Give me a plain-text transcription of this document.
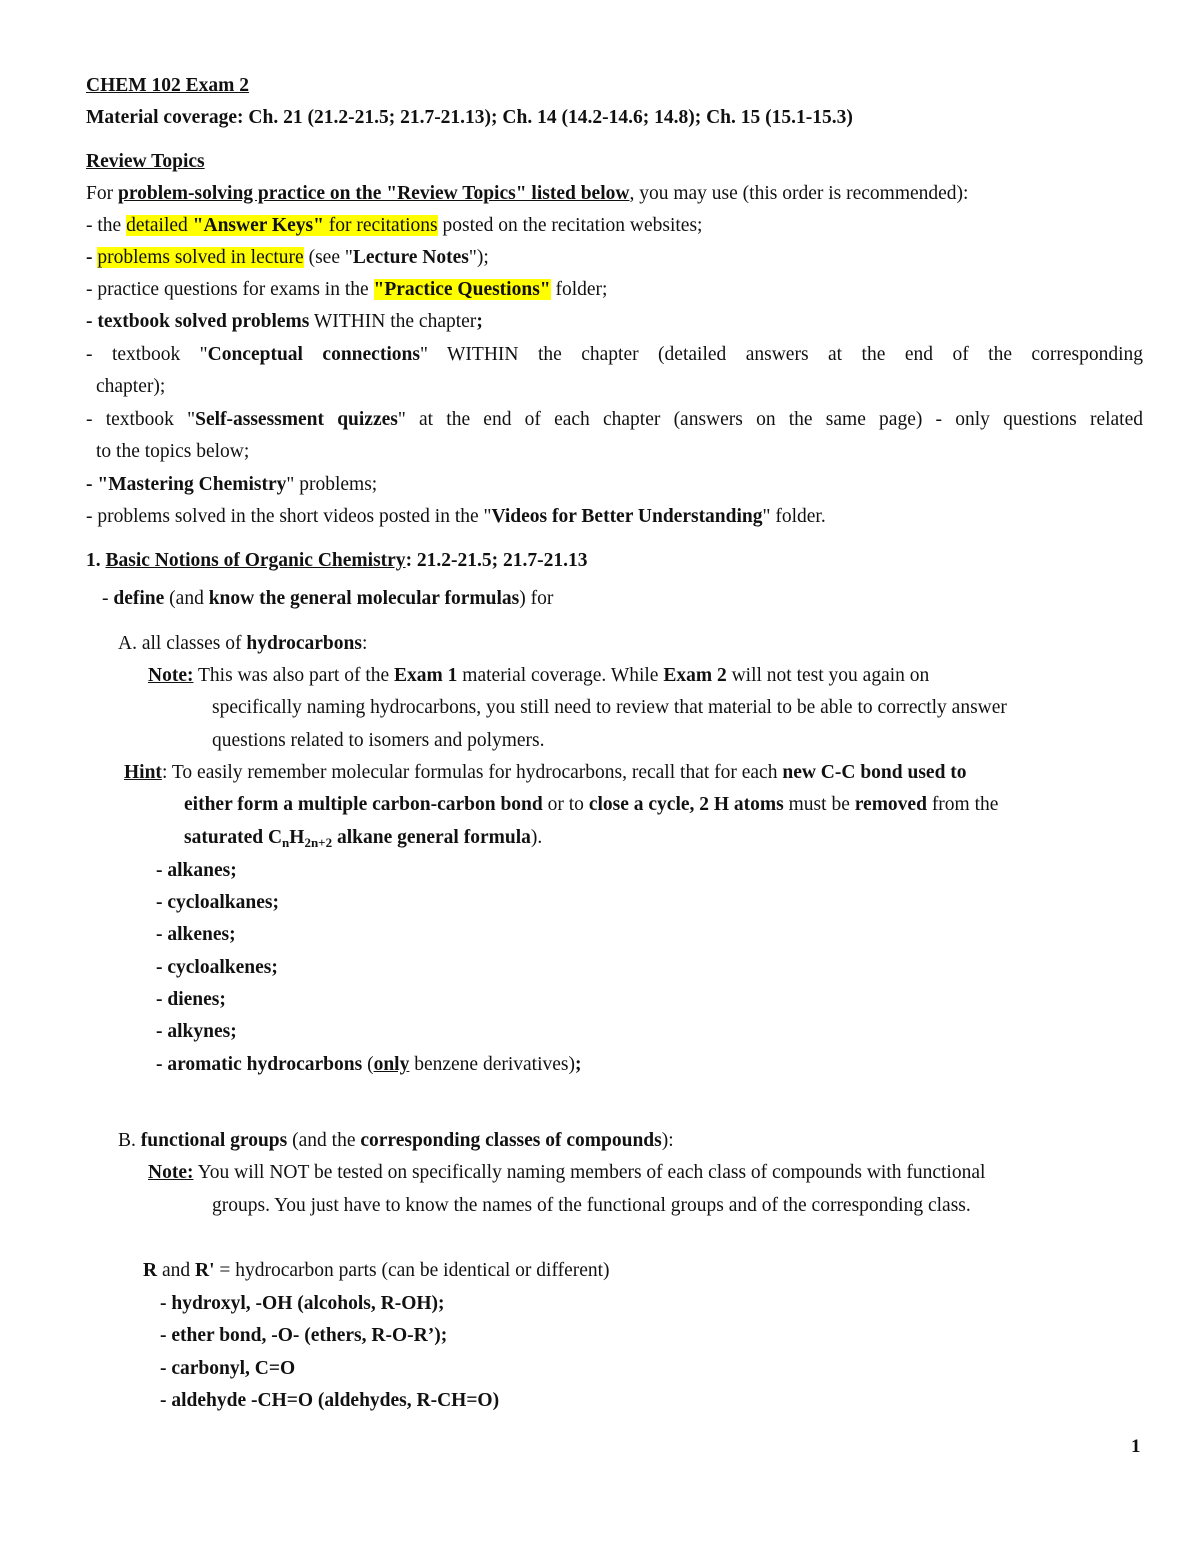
CHEM 102 Exam 2
Material coverage: Ch. 21 (21.2-21.5; 21.7-21.13); Ch. 14 (14.2-14.6; 14.8); Ch. 15 (15.1-15.3)
Review Topics
For problem-solving practice on the "Review Topics" listed below, you may use (this order is recommended):
- the detailed "Answer Keys" for recitations posted on the recitation websites;
- problems solved in lecture (see "Lecture Notes");
- practice questions for exams in the "Practice Questions" folder;
- textbook solved problems WITHIN the chapter;
- textbook "Conceptual connections" WITHIN the chapter (detailed answers at the end of the corresponding
chapter);
- textbook "Self-assessment quizzes" at the end of each chapter (answers on the same page) - only questions related
to the topics below;
- "Mastering Chemistry" problems;
- problems solved in the short videos posted in the "Videos for Better Understanding" folder.
1. Basic Notions of Organic Chemistry: 21.2-21.5; 21.7-21.13
- define (and know the general molecular formulas) for
A. all classes of hydrocarbons:
Note: This was also part of the Exam 1 material coverage. While Exam 2 will not test you again on
specifically naming hydrocarbons, you still need to review that material to be able to correctly answer
questions related to isomers and polymers.
Hint: To easily remember molecular formulas for hydrocarbons, recall that for each new C-C bond used to
either form a multiple carbon-carbon bond or to close a cycle, 2 H atoms must be removed from the
saturated $C_nH_{2n+2}$ alkane general formula).
- alkanes;
- cycloalkanes;
- alkenes;
- cycloalkenes;
- dienes;
- alkynes;
- aromatic hydrocarbons (only benzene derivatives);
B. functional groups (and the corresponding classes of compounds):
Note: You will NOT be tested on specifically naming members of each class of compounds with functional
groups. You just have to know the names of the functional groups and of the corresponding class.
R and R' = hydrocarbon parts (can be identical or different)
- hydroxyl, -OH (alcohols, R-OH);
- ether bond, -O- (ethers, R-O-R’);
- carbonyl, C=O
- aldehyde -CH=O (aldehydes, R-CH=O)
1
